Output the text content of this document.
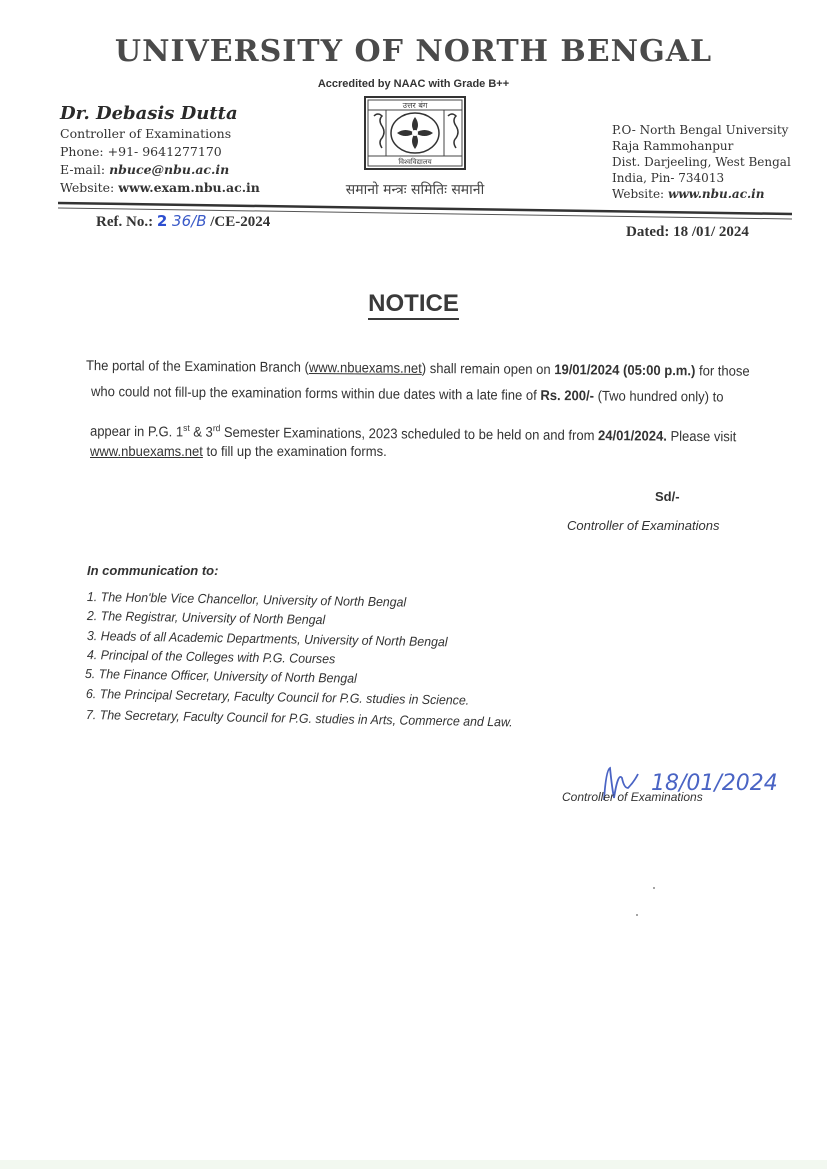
UNIVERSITY OF NORTH BENGAL
Accredited by NAAC with Grade B++
Dr. Debasis Dutta
Controller of Examinations
Phone: +91- 9641277170
E-mail: nbuce@nbu.ac.in
Website: www.exam.nbu.ac.in
उत्तर बंग
विश्वविद्यालय
समानो मन्त्रः समितिः समानी
P.O- North Bengal University
Raja Rammohanpur
Dist. Darjeeling, West Bengal
India, Pin- 734013
Website: www.nbu.ac.in
Ref. No.: 2 36/B /CE-2024
Dated: 18 /01/ 2024
NOTICE
The portal of the Examination Branch (www.nbuexams.net) shall remain open on 19/01/2024 (05:00 p.m.) for those
who could not fill-up the examination forms within due dates with a late fine of Rs. 200/- (Two hundred only) to
appear in P.G. 1st & 3rd Semester Examinations, 2023 scheduled to be held on and from 24/01/2024. Please visit
www.nbuexams.net to fill up the examination forms.
Sd/-
Controller of Examinations
In communication to:
1. The Hon'ble Vice Chancellor, University of North Bengal
2. The Registrar, University of North Bengal
3. Heads of all Academic Departments, University of North Bengal
4. Principal of the Colleges with P.G. Courses
5. The Finance Officer, University of North Bengal
6. The Principal Secretary, Faculty Council for P.G. studies in Science.
7. The Secretary, Faculty Council for P.G. studies in Arts, Commerce and Law.
18/01/2024
Controller of Examinations
